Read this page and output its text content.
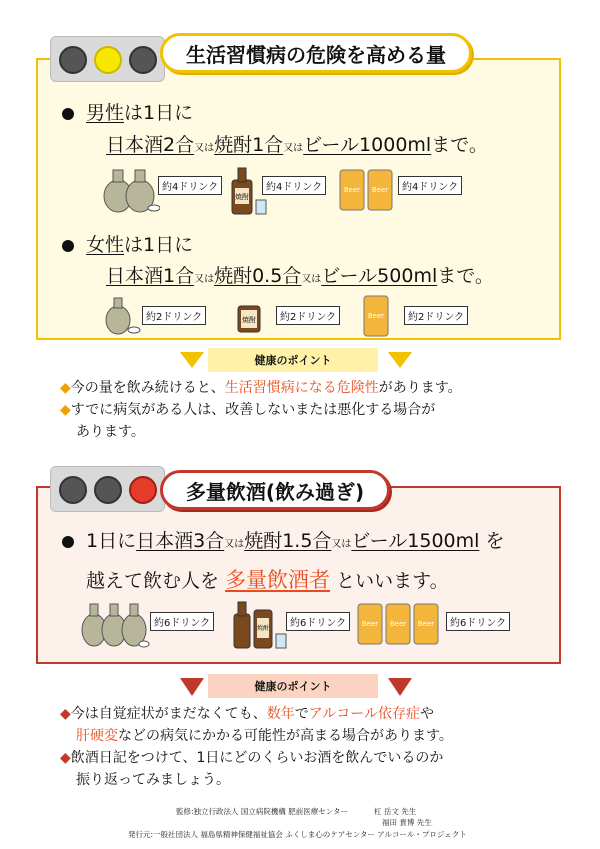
生活習慣病の危険を高める量
男性は1日に
日本酒2合又は焼酎1合又はビール1000mlまで。
約4ドリンク
焼酎
約4ドリンク	Beer Beer	約4ドリンク
女性は1日に
日本酒1合又は焼酎0.5合又はビール500mlまで。
約2ドリンク	焼酎	約2ドリンク	Beer	約2ドリンク
健康のポイント
◆今の量を飲み続けると、生活習慣病になる危険性があります。
◆すでに病気がある人は、改善しないまたは悪化する場合が
あります。
多量飲酒(飲み過ぎ)
1日に日本酒3合又は焼酎1.5合又はビール1500ml を
越えて飲む人を 多量飲酒者 といいます。
約6ドリンク	焼酎	約6ドリンク	Beer Beer Beer	約6ドリンク
健康のポイント
◆今は自覚症状がまだなくても、数年でアルコール依存症や
肝硬変などの病気にかかる可能性が高まる場合があります。
◆飲酒日記をつけて、1日にどのくらいお酒を飲んでいるのか
振り返ってみましょう。
監修:独立行政法人 国立病院機構 肥前医療センター	杠 岳文 先生
福田 貴博 先生
発行元:一般社団法人 福島県精神保健福祉協会 ふくしま心のケアセンター アルコール・プロジェクト
